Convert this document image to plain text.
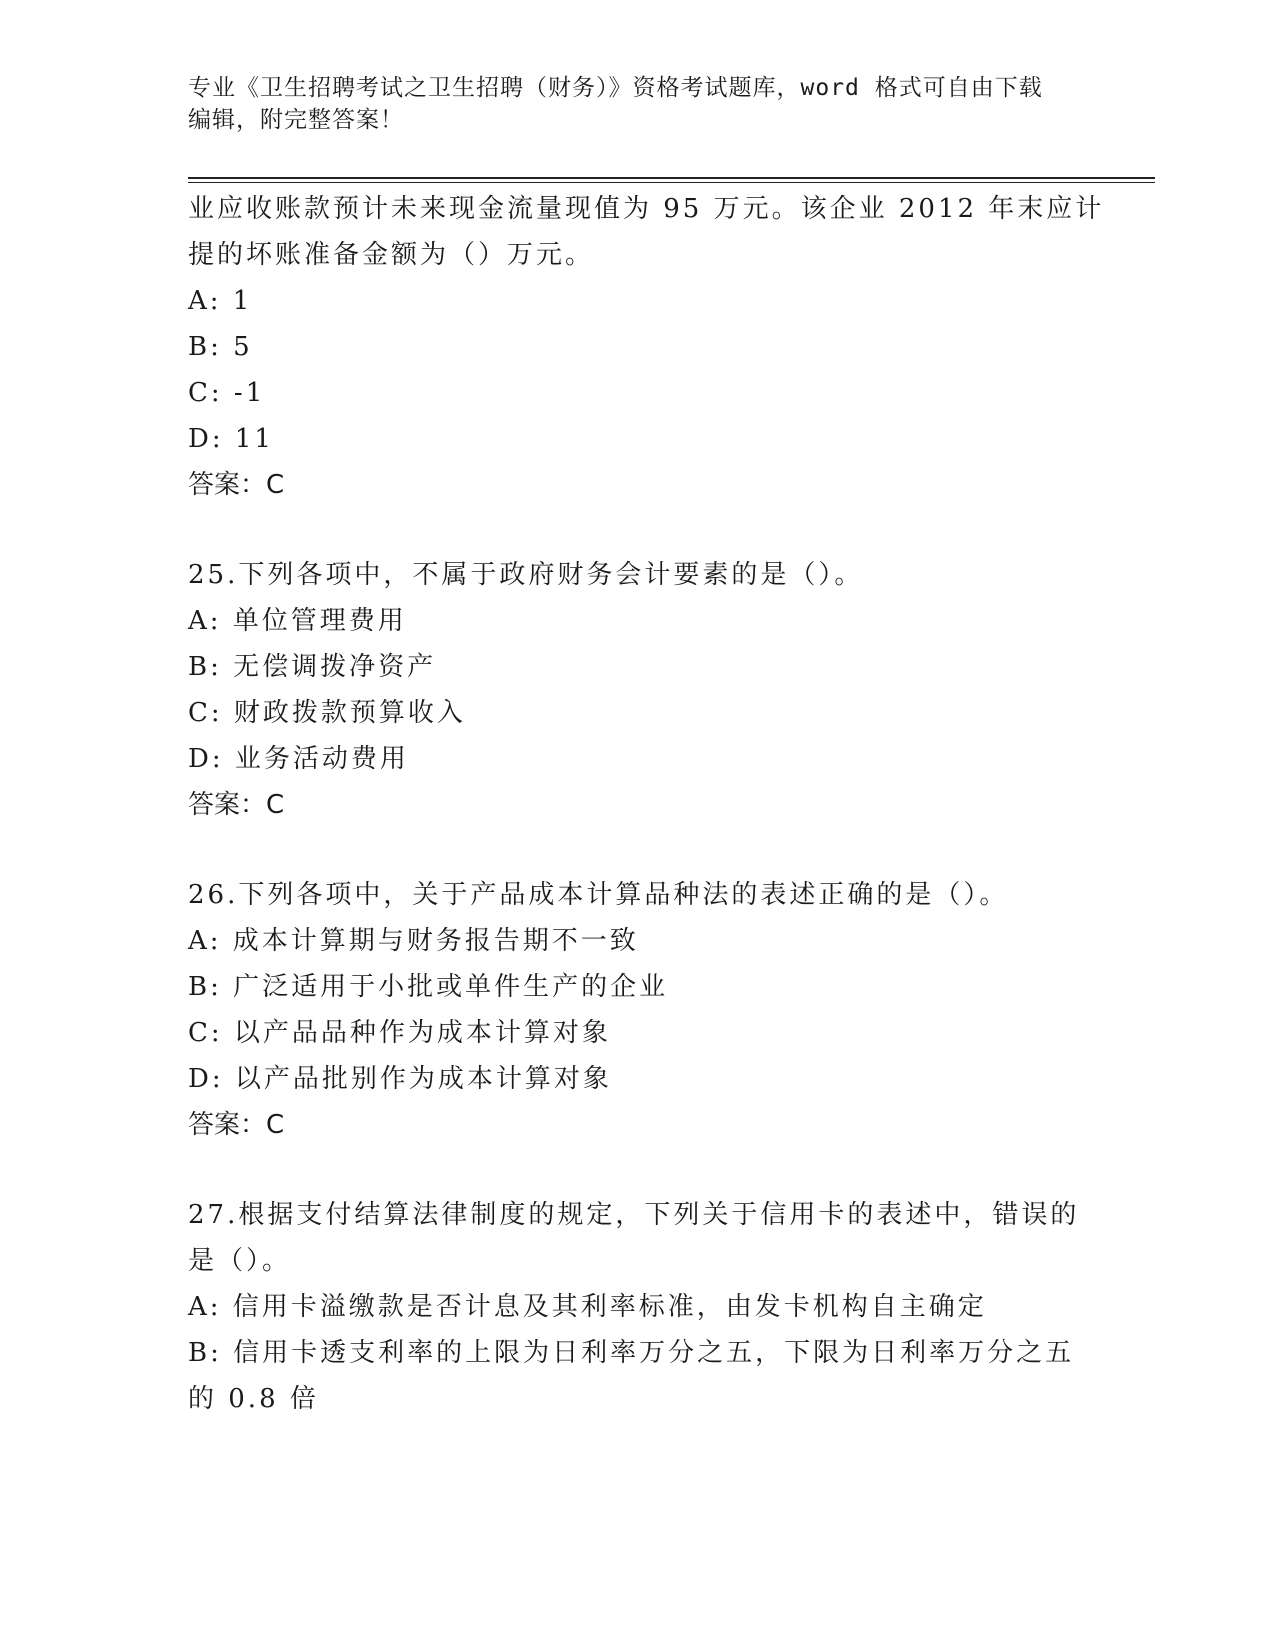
专业《卫生招聘考试之卫生招聘（财务）》资格考试题库，word 格式可自由下载
编辑，附完整答案！
业应收账款预计未来现金流量现值为 95 万元。该企业 2012 年末应计
提的坏账准备金额为（）万元。
A: 1
B: 5
C: -1
D: 11
答案：C
25.下列各项中，不属于政府财务会计要素的是（）。
A: 单位管理费用
B: 无偿调拨净资产
C: 财政拨款预算收入
D: 业务活动费用
答案：C
26.下列各项中，关于产品成本计算品种法的表述正确的是（）。
A: 成本计算期与财务报告期不一致
B: 广泛适用于小批或单件生产的企业
C: 以产品品种作为成本计算对象
D: 以产品批别作为成本计算对象
答案：C
27.根据支付结算法律制度的规定，下列关于信用卡的表述中，错误的
是（）。
A: 信用卡溢缴款是否计息及其利率标准，由发卡机构自主确定
B: 信用卡透支利率的上限为日利率万分之五，下限为日利率万分之五
的 0.8 倍
